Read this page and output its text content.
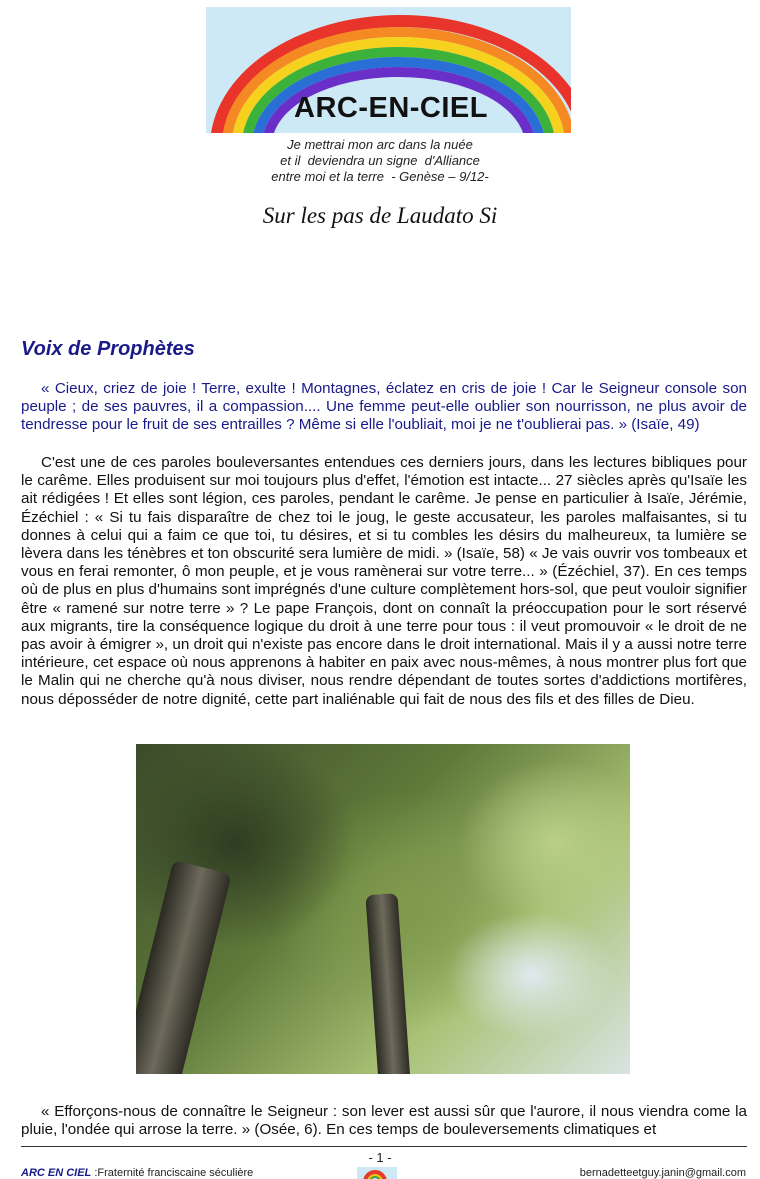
ARC-EN-CIEL
Je mettrai mon arc dans la nuée
et il  deviendra un signe  d'Alliance
entre moi et la terre  - Genèse – 9/12-
Sur les pas de Laudato Si
Voix de Prophètes

« Cieux, criez de joie ! Terre, exulte ! Montagnes, éclatez en cris de joie ! Car le Seigneur console son peuple ; de ses pauvres, il a compassion.... Une femme peut-elle oublier son nourrisson, ne plus avoir de tendresse pour le fruit de ses entrailles ? Même si elle l'oubliait, moi je ne t'oublierai pas. » (Isaïe, 49)

C'est une de ces paroles bouleversantes entendues ces derniers jours, dans les lectures bibliques pour le carême. Elles produisent sur moi toujours plus d'effet, l'émotion est intacte... 27 siècles après qu'Isaïe les ait rédigées ! Et elles sont légion, ces paroles, pendant le carême. Je pense en particulier à Isaïe, Jérémie, Ézéchiel : « Si tu fais disparaître de chez toi le joug, le geste accusateur, les paroles malfaisantes, si tu donnes à celui qui a faim ce que toi, tu désires, et si tu combles les désirs du malheureux, ta lumière se lèvera dans les ténèbres et ton obscurité sera lumière de midi. » (Isaïe, 58) « Je vais ouvrir vos tombeaux et vous en ferai remonter, ô mon peuple, et je vous ramènerai sur votre terre... » (Ézéchiel, 37). En ces temps où de plus en plus d'humains sont imprégnés d'une culture complètement hors-sol, que peut vouloir signifier être « ramené sur notre terre » ? Le pape François, dont on connaît la préoccupation pour le sort réservé aux migrants, tire la conséquence logique du droit à une terre pour tous : il veut promouvoir « le droit de ne pas avoir à émigrer », un droit qui n'existe pas encore dans le droit international. Mais il y a aussi notre terre intérieure, cet espace où nous apprenons à habiter en paix avec nous-mêmes, à nous montrer plus fort que le Malin qui ne cherche qu'à nous diviser, nous rendre dépendant de toutes sortes d'addictions mortifères, nous déposséder de notre dignité, cette part inaliénable qui fait de nous des fils et des filles de Dieu.

« Efforçons-nous de connaître le Seigneur : son lever est aussi sûr que l'aurore, il nous viendra come la pluie, l'ondée qui arrose la terre. » (Osée, 6). En ces temps de bouleversements climatiques et

- 1 -
ARC EN CIEL :Fraternité franciscaine séculière	bernadetteetguy.janin@gmail.com
